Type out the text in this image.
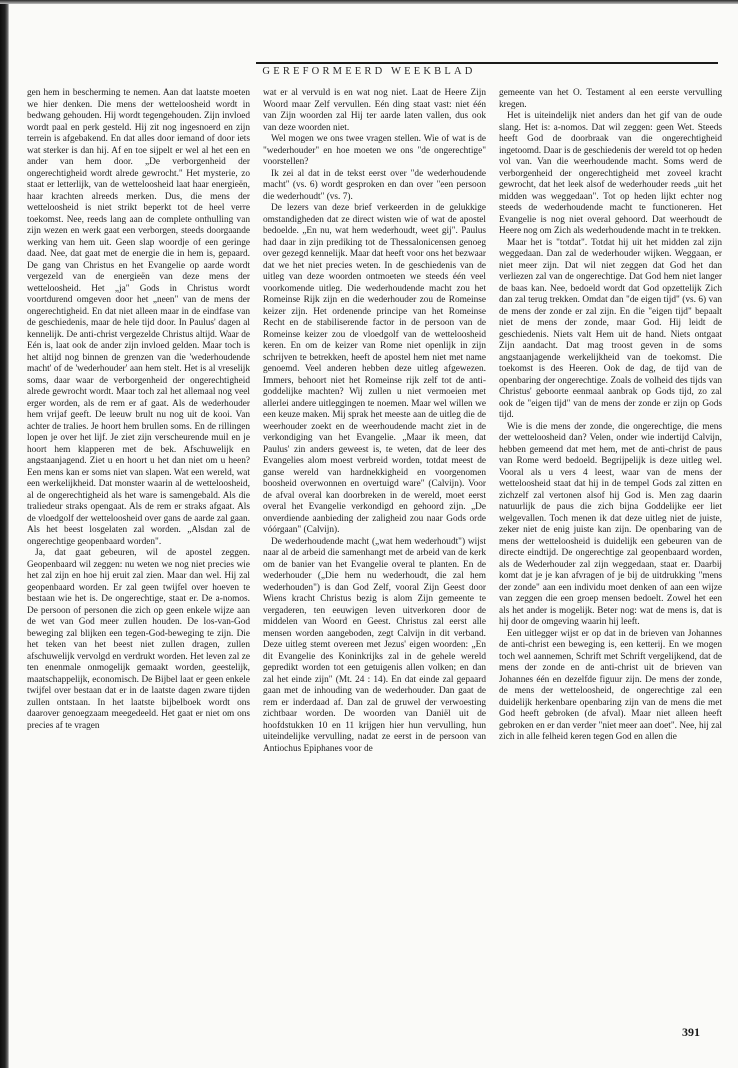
GEREFORMEERD WEEKBLAD

gen hem in bescherming te nemen. Aan dat laatste moeten we hier denken. Die mens der wetteloosheid wordt in bedwang gehouden. Hij wordt tegengehouden. Zijn invloed wordt paal en perk gesteld. Hij zit nog ingesnoerd en zijn terrein is afgebakend. En dat alles door iemand of door iets wat sterker is dan hij. Af en toe sijpelt er wel al het een en ander van hem door. „De verborgenheid der ongerechtigheid wordt alrede gewrocht." Het mysterie, zo staat er letterlijk, van de wetteloosheid laat haar energieën, haar krachten alreeds merken. Dus, die mens der wetteloosheid is niet strikt beperkt tot de heel verre toekomst. Nee, reeds lang aan de complete onthulling van zijn wezen en werk gaat een verborgen, steeds doorgaande werking van hem uit. Geen slap woordje of een geringe daad. Nee, dat gaat met de energie die in hem is, gepaard. De gang van Christus en het Evangelie op aarde wordt vergezeld van de energieën van deze mens der wetteloosheid. Het „ja" Gods in Christus wordt voortdurend omgeven door het „neen" van de mens der ongerechtigheid. En dat niet alleen maar in de eindfase van de geschiedenis, maar de hele tijd door. In Paulus' dagen al kennelijk. De anti-christ vergezelde Christus altijd. Waar de Eén is, laat ook de ander zijn invloed gelden. Maar toch is het altijd nog binnen de grenzen van die 'wederhoudende macht' of de 'wederhouder' aan hem stelt. Het is al vreselijk soms, daar waar de verborgenheid der ongerechtigheid alrede gewrocht wordt. Maar toch zal het allemaal nog veel erger worden, als de rem er af gaat. Als de wederhouder hem vrijaf geeft. De leeuw brult nu nog uit de kooi. Van achter de tralies. Je hoort hem brullen soms. En de rillingen lopen je over het lijf. Je ziet zijn verscheurende muil en je hoort hem klapperen met de bek. Afschuwelijk en angstaanjagend. Ziet u en hoort u het dan niet om u heen? Een mens kan er soms niet van slapen. Wat een wereld, wat een werkelijkheid. Dat monster waarin al de wetteloosheid, al de ongerechtigheid als het ware is samengebald. Als die traliedeur straks opengaat. Als de rem er straks afgaat. Als de vloedgolf der wetteloosheid over gans de aarde zal gaan. Als het beest losgelaten zal worden. „Alsdan zal de ongerechtige geopenbaard worden".

Ja, dat gaat gebeuren, wil de apostel zeggen. Geopenbaard wil zeggen: nu weten we nog niet precies wie het zal zijn en hoe hij eruit zal zien. Maar dan wel. Hij zal geopenbaard worden. Er zal geen twijfel over hoeven te bestaan wie het is. De ongerechtige, staat er. De a-nomos. De persoon of personen die zich op geen enkele wijze aan de wet van God meer zullen houden. De los-van-God beweging zal blijken een tegen-God-beweging te zijn. Die het teken van het beest niet zullen dragen, zullen afschuwelijk vervolgd en verdrukt worden. Het leven zal ze ten enenmale onmogelijk gemaakt worden, geestelijk, maatschappelijk, economisch. De Bijbel laat er geen enkele twijfel over bestaan dat er in de laatste dagen zware tijden zullen ontstaan. In het laatste bijbelboek wordt ons daarover genoegzaam meegedeeld. Het gaat er niet om ons precies af te vragen

wat er al vervuld is en wat nog niet. Laat de Heere Zijn Woord maar Zelf vervullen. Eén ding staat vast: niet één van Zijn woorden zal Hij ter aarde laten vallen, dus ook van deze woorden niet.

Wel mogen we ons twee vragen stellen. Wie of wat is de "wederhouder" en hoe moeten we ons "de ongerechtige" voorstellen?

Ik zei al dat in de tekst eerst over "de wederhoudende macht" (vs. 6) wordt gesproken en dan over "een persoon die wederhoudt" (vs. 7).

De lezers van deze brief verkeerden in de gelukkige omstandigheden dat ze direct wisten wie of wat de apostel bedoelde. „En nu, wat hem wederhoudt, weet gij". Paulus had daar in zijn prediking tot de Thessalonicensen genoeg over gezegd kennelijk. Maar dat heeft voor ons het bezwaar dat we het niet precies weten. In de geschiedenis van de uitleg van deze woorden ontmoeten we steeds één veel voorkomende uitleg. Die wederhoudende macht zou het Romeinse Rijk zijn en die wederhouder zou de Romeinse keizer zijn. Het ordenende principe van het Romeinse Recht en de stabiliserende factor in de persoon van de Romeinse keizer zou de vloedgolf van de wetteloosheid keren. En om de keizer van Rome niet openlijk in zijn schrijven te betrekken, heeft de apostel hem niet met name genoemd. Veel anderen hebben deze uitleg afgewezen. Immers, behoort niet het Romeinse rijk zelf tot de anti-goddelijke machten? Wij zullen u niet vermoeien met allerlei andere uitleggingen te noemen. Maar wel willen we een keuze maken. Mij sprak het meeste aan de uitleg die de weerhouder zoekt en de weerhoudende macht ziet in de verkondiging van het Evangelie. „Maar ik meen, dat Paulus' zin anders geweest is, te weten, dat de leer des Evangelies alom moest verbreid worden, totdat meest de ganse wereld van hardnekkigheid en voorgenomen boosheid overwonnen en overtuigd ware" (Calvijn). Voor de afval overal kan doorbreken in de wereld, moet eerst overal het Evangelie verkondigd en gehoord zijn. „De onverdiende aanbieding der zaligheid zou naar Gods orde vóórgaan" (Calvijn).

De wederhoudende macht („wat hem wederhoudt") wijst naar al de arbeid die samenhangt met de arbeid van de kerk om de banier van het Evangelie overal te planten. En de wederhouder („Die hem nu wederhoudt, die zal hem wederhouden") is dan God Zelf, vooral Zijn Geest door Wiens kracht Christus bezig is alom Zijn gemeente te vergaderen, ten eeuwigen leven uitverkoren door de middelen van Woord en Geest. Christus zal eerst alle mensen worden aangeboden, zegt Calvijn in dit verband. Deze uitleg stemt overeen met Jezus' eigen woorden: „En dit Evangelie des Koninkrijks zal in de gehele wereld gepredikt worden tot een getuigenis allen volken; en dan zal het einde zijn" (Mt. 24 : 14). En dat einde zal gepaard gaan met de inhouding van de wederhouder. Dan gaat de rem er inderdaad af. Dan zal de gruwel der verwoesting zichtbaar worden. De woorden van Daniël uit de hoofdstukken 10 en 11 krijgen hier hun vervulling, hun uiteindelijke vervulling, nadat ze eerst in de persoon van Antiochus Epiphanes voor de

gemeente van het O. Testament al een eerste vervulling kregen.

Het is uiteindelijk niet anders dan het gif van de oude slang. Het is: a-nomos. Dat wil zeggen: geen Wet. Steeds heeft God de doorbraak van die ongerechtigheid ingetoomd. Daar is de geschiedenis der wereld tot op heden vol van. Van die weerhoudende macht. Soms werd de verborgenheid der ongerechtigheid met zoveel kracht gewrocht, dat het leek alsof de wederhouder reeds „uit het midden was weggedaan". Tot op heden lijkt echter nog steeds de wederhoudende macht te functioneren. Het Evangelie is nog niet overal gehoord. Dat weerhoudt de Heere nog om Zich als wederhoudende macht in te trekken.

Maar het is "totdat". Totdat hij uit het midden zal zijn weggedaan. Dan zal de wederhouder wijken. Weggaan, er niet meer zijn. Dat wil niet zeggen dat God het dan verliezen zal van de ongerechtige. Dat God hem niet langer de baas kan. Nee, bedoeld wordt dat God opzettelijk Zich dan zal terug trekken. Omdat dan "de eigen tijd" (vs. 6) van de mens der zonde er zal zijn. En die "eigen tijd" bepaalt niet de mens der zonde, maar God. Hij leidt de geschiedenis. Niets valt Hem uit de hand. Niets ontgaat Zijn aandacht. Dat mag troost geven in de soms angstaanjagende werkelijkheid van de toekomst. Die toekomst is des Heeren. Ook de dag, de tijd van de openbaring der ongerechtige. Zoals de volheid des tijds van Christus' geboorte eenmaal aanbrak op Gods tijd, zo zal ook de "eigen tijd" van de mens der zonde er zijn op Gods tijd.

Wie is die mens der zonde, die ongerechtige, die mens der wetteloosheid dan? Velen, onder wie indertijd Calvijn, hebben gemeend dat met hem, met de anti-christ de paus van Rome werd bedoeld. Begrijpelijk is deze uitleg wel. Vooral als u vers 4 leest, waar van de mens der wetteloosheid staat dat hij in de tempel Gods zal zitten en zichzelf zal vertonen alsof hij God is. Men zag daarin natuurlijk de paus die zich bijna Goddelijke eer liet welgevallen. Toch menen ik dat deze uitleg niet de juiste, zeker niet de enig juiste kan zijn. De openbaring van de mens der wetteloosheid is duidelijk een gebeuren van de directe eindtijd. De ongerechtige zal geopenbaard worden, als de Wederhouder zal zijn weggedaan, staat er. Daarbij komt dat je je kan afvragen of je bij de uitdrukking "mens der zonde" aan een individu moet denken of aan een wijze van zeggen die een groep mensen bedoelt. Zowel het een als het ander is mogelijk. Beter nog: wat de mens is, dat is hij door de omgeving waarin hij leeft.

Een uitlegger wijst er op dat in de brieven van Johannes de anti-christ een beweging is, een ketterij. En we mogen toch wel aannemen, Schrift met Schrift vergelijkend, dat de mens der zonde en de anti-christ uit de brieven van Johannes één en dezelfde figuur zijn. De mens der zonde, de mens der wetteloosheid, de ongerechtige zal een duidelijk herkenbare openbaring zijn van de mens die met God heeft gebroken (de afval). Maar niet alleen heeft gebroken en er dan verder "niet meer aan doet". Nee, hij zal zich in alle felheid keren tegen God en allen die

391
